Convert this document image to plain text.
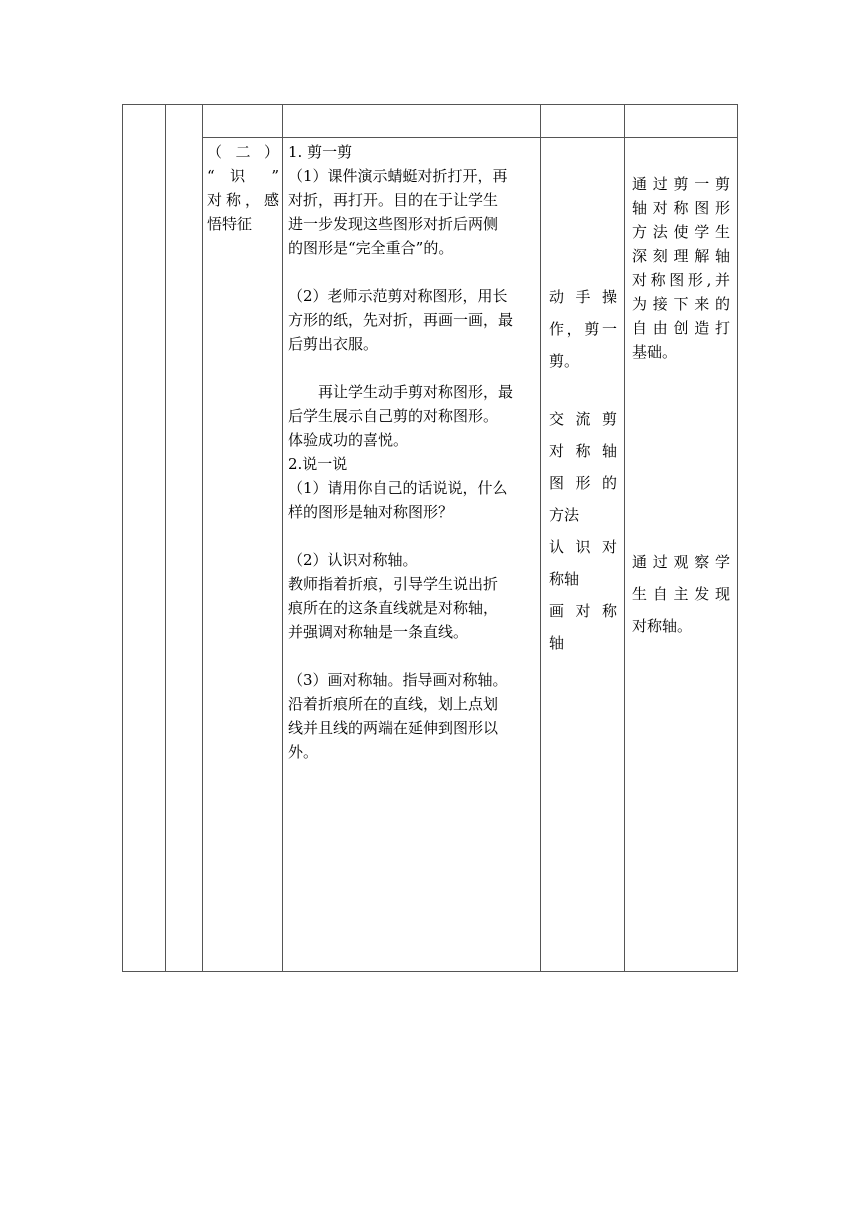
（ 二 ）

“ 识 ”

对称，感

悟特征

1. 剪一剪

（1）课件演示蜻蜓对折打开，再

对折，再打开。目的在于让学生

进一步发现这些图形对折后两侧

的图形是“完全重合”的。

（2）老师示范剪对称图形，用长

方形的纸，先对折，再画一画，最

后剪出衣服。

再让学生动手剪对称图形，最

后学生展示自己剪的对称图形。

体验成功的喜悦。

2.说一说

（1）请用你自己的话说说，什么

样的图形是轴对称图形？

（2）认识对称轴。

教师指着折痕，引导学生说出折

痕所在的这条直线就是对称轴，

并强调对称轴是一条直线。

（3）画对称轴。指导画对称轴。

沿着折痕所在的直线，划上点划

线并且线的两端在延伸到图形以

外。

动 手 操

作，剪一

剪。

交 流 剪

对 称 轴

图 形 的

方法

认 识 对

称轴

画 对 称

轴

通过剪一剪

轴对称图形

方法使学生

深刻理解轴

对称图形,并

为接下来的

自由创造打

基础。

通过观察学

生自主发现

对称轴。
